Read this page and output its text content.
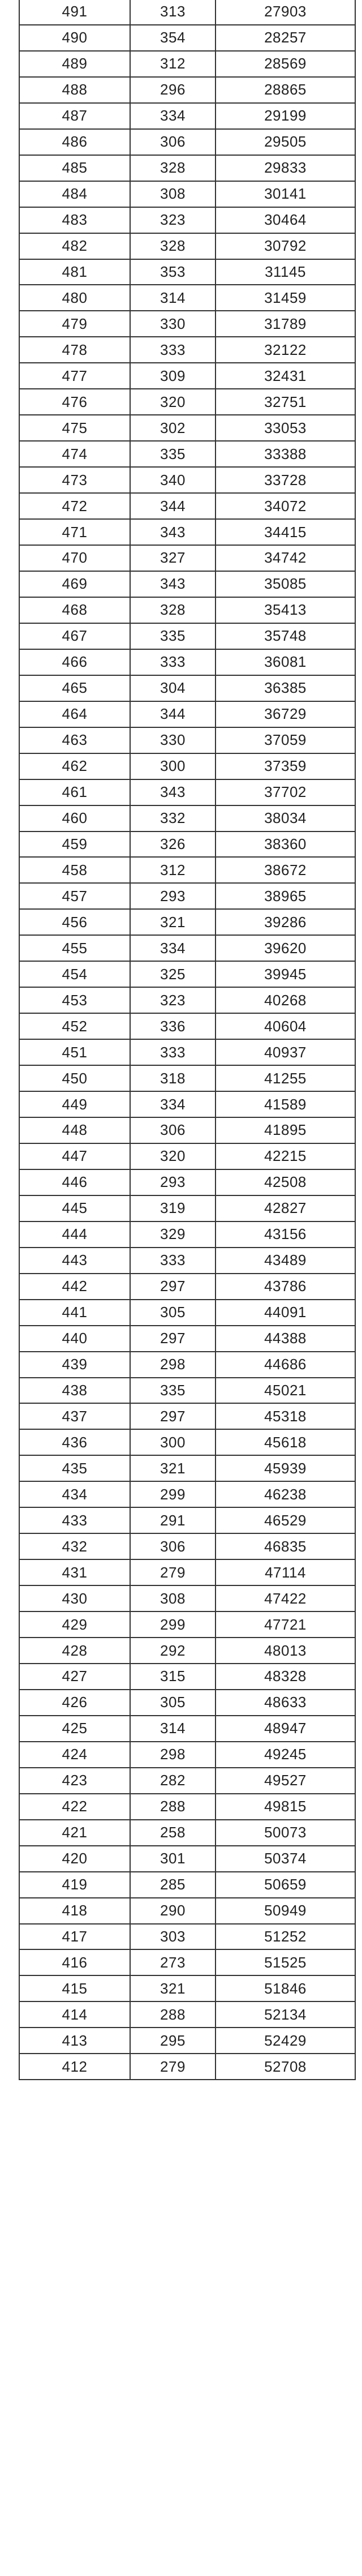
491	313	27903
490	354	28257
489	312	28569
488	296	28865
487	334	29199
486	306	29505
485	328	29833
484	308	30141
483	323	30464
482	328	30792
481	353	31145
480	314	31459
479	330	31789
478	333	32122
477	309	32431
476	320	32751
475	302	33053
474	335	33388
473	340	33728
472	344	34072
471	343	34415
470	327	34742
469	343	35085
468	328	35413
467	335	35748
466	333	36081
465	304	36385
464	344	36729
463	330	37059
462	300	37359
461	343	37702
460	332	38034
459	326	38360
458	312	38672
457	293	38965
456	321	39286
455	334	39620
454	325	39945
453	323	40268
452	336	40604
451	333	40937
450	318	41255
449	334	41589
448	306	41895
447	320	42215
446	293	42508
445	319	42827
444	329	43156
443	333	43489
442	297	43786
441	305	44091
440	297	44388
439	298	44686
438	335	45021
437	297	45318
436	300	45618
435	321	45939
434	299	46238
433	291	46529
432	306	46835
431	279	47114
430	308	47422
429	299	47721
428	292	48013
427	315	48328
426	305	48633
425	314	48947
424	298	49245
423	282	49527
422	288	49815
421	258	50073
420	301	50374
419	285	50659
418	290	50949
417	303	51252
416	273	51525
415	321	51846
414	288	52134
413	295	52429
412	279	52708
